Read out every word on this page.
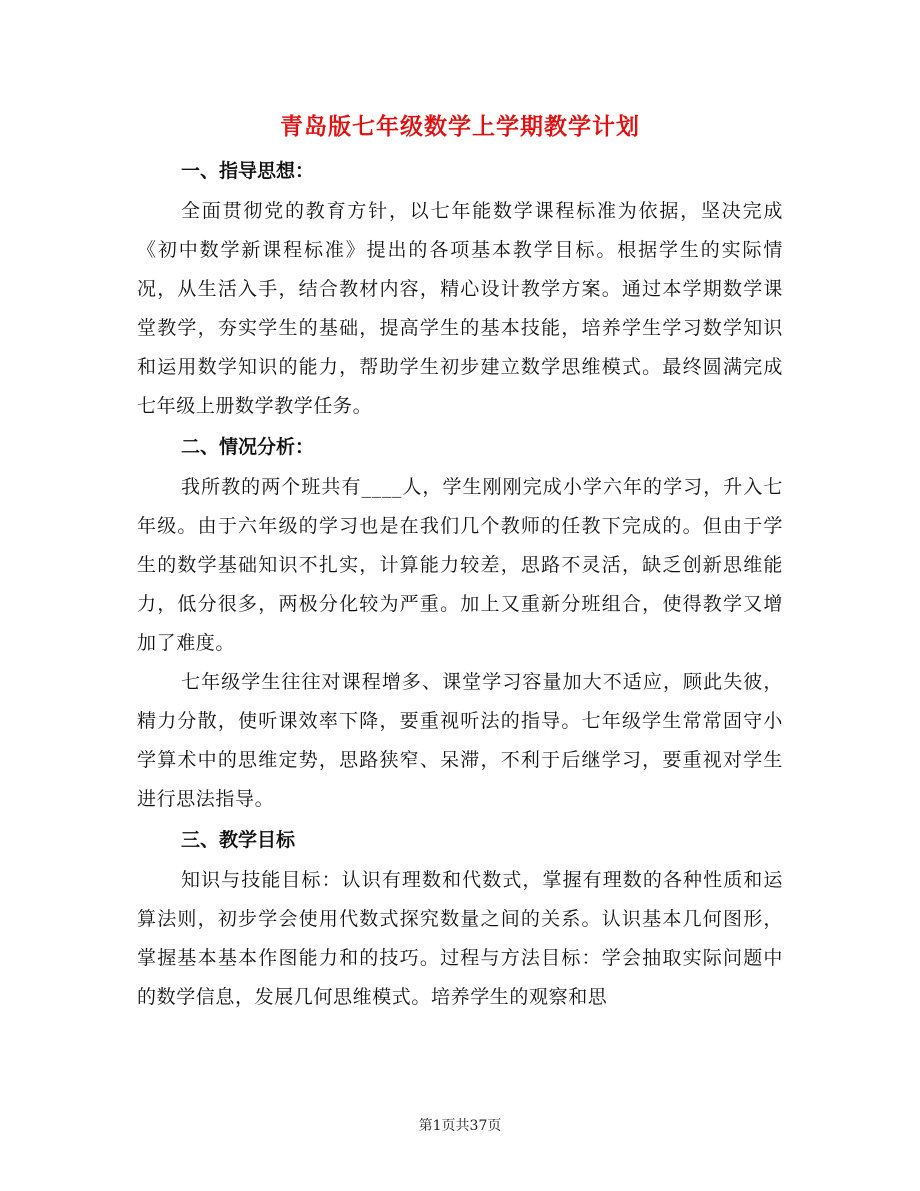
青岛版七年级数学上学期教学计划

一、指导思想：

全面贯彻党的教育方针，以七年能数学课程标准为依据，坚决完成《初中数学新课程标准》提出的各项基本教学目标。根据学生的实际情况，从生活入手，结合教材内容，精心设计教学方案。通过本学期数学课堂教学，夯实学生的基础，提高学生的基本技能，培养学生学习数学知识和运用数学知识的能力，帮助学生初步建立数学思维模式。最终圆满完成七年级上册数学教学任务。

二、情况分析：

我所教的两个班共有____人，学生刚刚完成小学六年的学习，升入七年级。由于六年级的学习也是在我们几个教师的任教下完成的。但由于学生的数学基础知识不扎实，计算能力较差，思路不灵活，缺乏创新思维能力，低分很多，两极分化较为严重。加上又重新分班组合，使得教学又增加了难度。

七年级学生往往对课程增多、课堂学习容量加大不适应，顾此失彼，精力分散，使听课效率下降，要重视听法的指导。七年级学生常常固守小学算术中的思维定势，思路狭窄、呆滞，不利于后继学习，要重视对学生进行思法指导。

三、教学目标

知识与技能目标：认识有理数和代数式，掌握有理数的各种性质和运算法则，初步学会使用代数式探究数量之间的关系。认识基本几何图形，掌握基本基本作图能力和的技巧。过程与方法目标：学会抽取实际问题中的数学信息，发展几何思维模式。培养学生的观察和思

第1页共37页
